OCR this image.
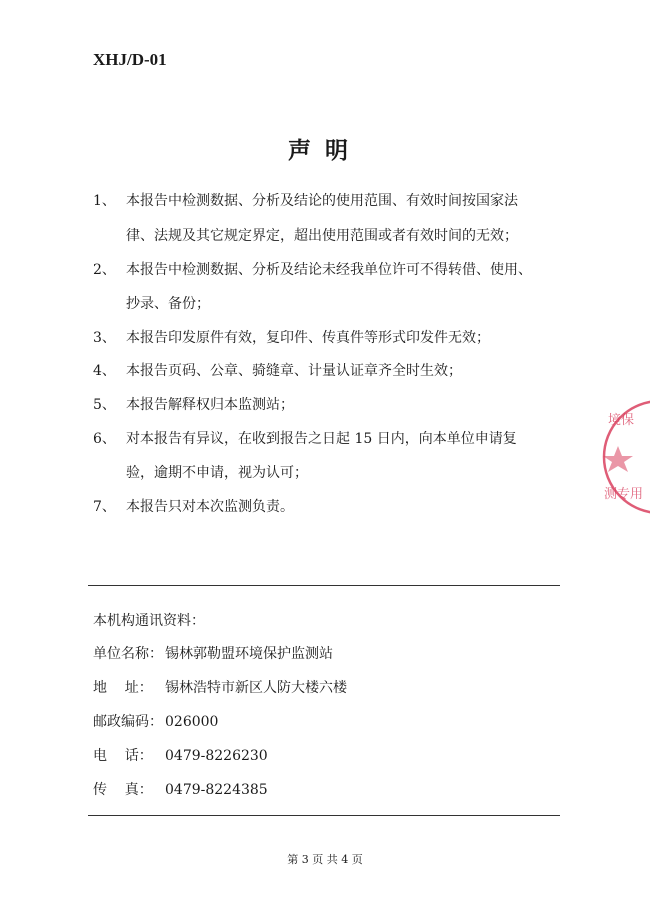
XHJ/D-01
声明
1、 本报告中检测数据、分析及结论的使用范围、有效时间按国家法
律、法规及其它规定界定，超出使用范围或者有效时间的无效；
2、 本报告中检测数据、分析及结论未经我单位许可不得转借、使用、
抄录、备份；
3、 本报告印发原件有效，复印件、传真件等形式印发件无效；
4、 本报告页码、公章、骑缝章、计量认证章齐全时生效；
5、 本报告解释权归本监测站；
6、 对本报告有异议，在收到报告之日起 15 日内，向本单位申请复
验，逾期不申请，视为认可；
7、 本报告只对本次监测负责。
本机构通讯资料：
单位名称： 锡林郭勒盟环境保护监测站
地    址： 锡林浩特市新区人防大楼六楼
邮政编码： 026000
电    话： 0479-8226230
传    真： 0479-8224385
第 3 页 共 4 页
境保
测专用
